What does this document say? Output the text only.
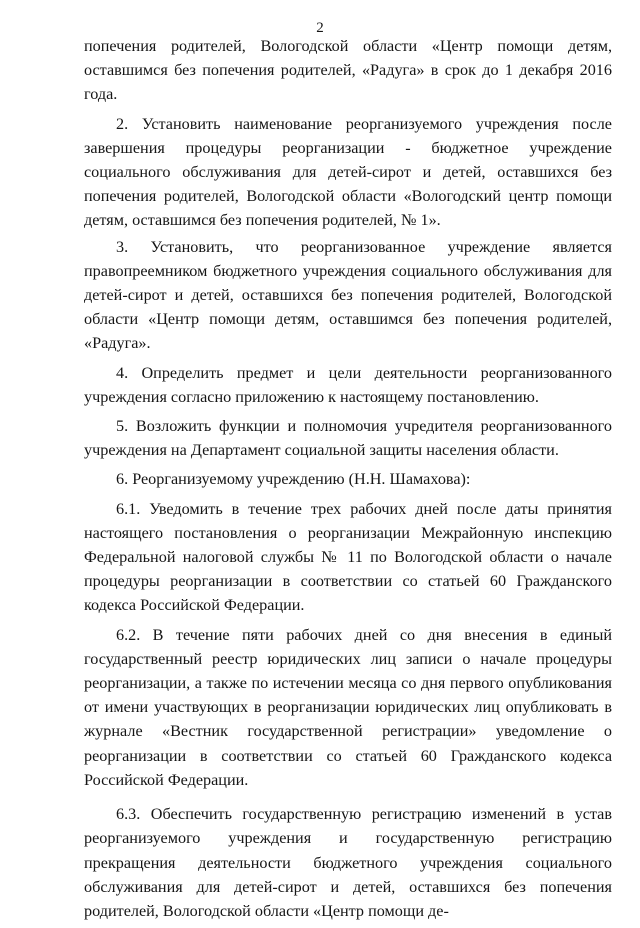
2

попечения родителей, Вологодской области «Центр помощи детям, оставшимся без попечения родителей, «Радуга» в срок до 1 декабря 2016 года.

2. Установить наименование реорганизуемого учреждения после завершения процедуры реорганизации - бюджетное учреждение социального обслуживания для детей-сирот и детей, оставшихся без попечения родителей, Вологодской области «Вологодский центр помощи детям, оставшимся без попечения родителей, № 1».

3. Установить, что реорганизованное учреждение является правопреемником бюджетного учреждения социального обслуживания для детей-сирот и детей, оставшихся без попечения родителей, Вологодской области «Центр помощи детям, оставшимся без попечения родителей, «Радуга».

4. Определить предмет и цели деятельности реорганизованного учреждения согласно приложению к настоящему постановлению.

5. Возложить функции и полномочия учредителя реорганизованного учреждения на Департамент социальной защиты населения области.

6. Реорганизуемому учреждению (Н.Н. Шамахова):

6.1. Уведомить в течение трех рабочих дней после даты принятия настоящего постановления о реорганизации Межрайонную инспекцию Федеральной налоговой службы № 11 по Вологодской области о начале процедуры реорганизации в соответствии со статьей 60 Гражданского кодекса Российской Федерации.

6.2. В течение пяти рабочих дней со дня внесения в единый государственный реестр юридических лиц записи о начале процедуры реорганизации, а также по истечении месяца со дня первого опубликования от имени участвующих в реорганизации юридических лиц опубликовать в журнале «Вестник государственной регистрации» уведомление о реорганизации в соответствии со статьей 60 Гражданского кодекса Российской Федерации.

6.3. Обеспечить государственную регистрацию изменений в устав реорганизуемого учреждения и государственную регистрацию прекращения деятельности бюджетного учреждения социального обслуживания для детей-сирот и детей, оставшихся без попечения родителей, Вологодской области «Центр помощи де-
